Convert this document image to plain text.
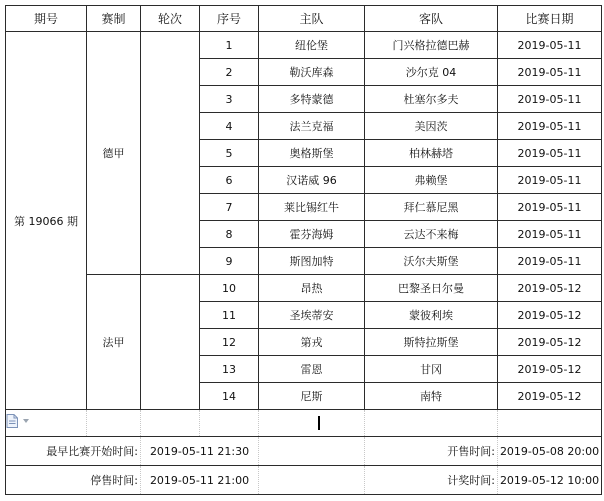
期号	赛制	轮次	序号	主队	客队	比赛日期
第 19066 期	德甲		1	纽伦堡	门兴格拉德巴赫	2019-05-11
			2	勒沃库森	沙尔克 04	2019-05-11
			3	多特蒙德	杜塞尔多夫	2019-05-11
			4	法兰克福	美因茨	2019-05-11
			5	奥格斯堡	柏林赫塔	2019-05-11
			6	汉诺威 96	弗赖堡	2019-05-11
			7	莱比锡红牛	拜仁慕尼黑	2019-05-11
			8	霍芬海姆	云达不来梅	2019-05-11
			9	斯图加特	沃尔夫斯堡	2019-05-11
	法甲		10	昂热	巴黎圣日尔曼	2019-05-12
			11	圣埃蒂安	蒙彼利埃	2019-05-12
			12	第戎	斯特拉斯堡	2019-05-12
			13	雷恩	甘冈	2019-05-12
			14	尼斯	南特	2019-05-12

最早比赛开始时间:		2019-05-11 21:30			开售时间:	2019-05-08 20:00
停售时间:		2019-05-11 21:00			计奖时间:	2019-05-12 10:00
